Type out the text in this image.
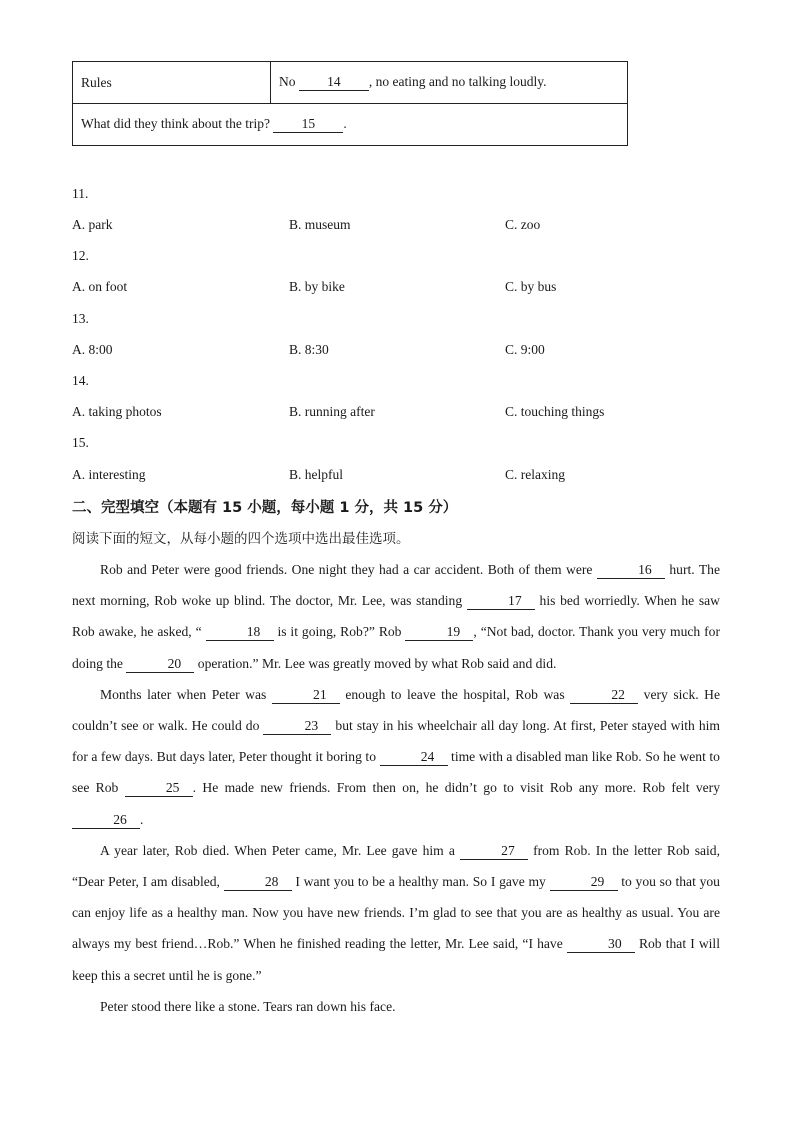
Rules	No 14 , no eating and no talking loudly.
What did they think about the trip? 15 .
11.
A. park	B. museum	C. zoo
12.
A. on foot	B. by bike	C. by bus
13.
A. 8:00	B. 8:30	C. 9:00
14.
A. taking photos	B. running after	C. touching things
15.
A. interesting	B. helpful	C. relaxing
二、完型填空（本题有 15 小题，每小题 1 分，共 15 分）
阅读下面的短文，从每小题的四个选项中选出最佳选项。

Rob and Peter were good friends. One night they had a car accident. Both of them were	16 hurt. The next morning, Rob woke up blind. The doctor, Mr. Lee, was standing	17 his bed worriedly. When he saw Rob awake, he asked, “	18 is it going, Rob?” Rob	19 , “Not bad, doctor. Thank you very much for doing the	20 operation.” Mr. Lee was greatly moved by what Rob said and did.

Months later when Peter was	21 enough to leave the hospital, Rob was	22 very sick. He couldn’t see or walk. He could do	23 but stay in his wheelchair all day long. At first, Peter stayed with him for a few days. But days later, Peter thought it boring to	24 time with a disabled man like Rob. So he went to see Rob	25 . He made new friends. From then on, he didn’t go to visit Rob any more. Rob felt very 26 .

A year later, Rob died. When Peter came, Mr. Lee gave him a	27 from Rob. In the letter Rob said, “Dear Peter, I am disabled,	28 I want you to be a healthy man. So I gave my	29 to you so that you can enjoy life as a healthy man. Now you have new friends. I’m glad to see that you are as healthy as usual. You are always my best friend…Rob.” When he finished reading the letter, Mr. Lee said, “I have	30 Rob that I will keep this a secret until he is gone.”

Peter stood there like a stone. Tears ran down his face.
